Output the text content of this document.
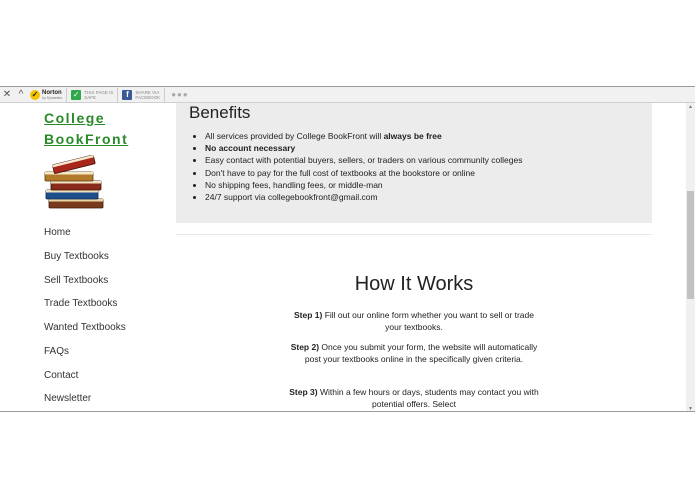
✕ ^	✓ Norton
by Symantec ✓	THIS PAGE IS
SAFE	f	SHARE VIA
FACEBOOK ●●●
College
BookFront
Home
Buy Textbooks
Sell Textbooks
Trade Textbooks
Wanted Textbooks
FAQs
Contact
Newsletter
Benefits
• All services provided by College BookFront will always be free
• No account necessary
• Easy contact with potential buyers, sellers, or traders on various community colleges
• Don't have to pay for the full cost of textbooks at the bookstore or online
• No shipping fees, handling fees, or middle-man
• 24/7 support via collegebookfront@gmail.com
How It Works
Step 1) Fill out our online form whether you want to sell or trade your textbooks.
Step 2) Once you submit your form, the website will automatically post your textbooks online in the specifically given criteria.
Step 3) Within a few hours or days, students may contact you with potential offers. Select
▲
▼
